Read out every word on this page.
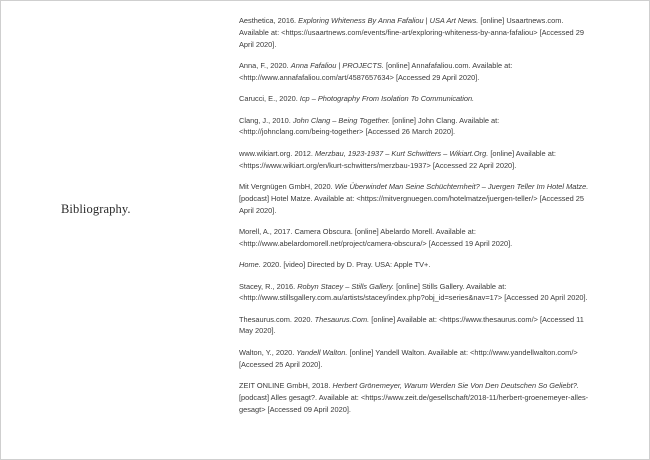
Bibliography.
Aesthetica, 2016. Exploring Whiteness By Anna Fafaliou | USA Art News. [online] Usaartnews.com. Available at: <https://usaartnews.com/events/fine-art/exploring-whiteness-by-anna-fafaliou> [Accessed 29 April 2020].
Anna, F., 2020. Anna Fafaliou | PROJECTS. [online] Annafafaliou.com. Available at: <http://www.annafafaliou.com/art/4587657634> [Accessed 29 April 2020].
Carucci, E., 2020. Icp – Photography From Isolation To Communication.
Clang, J., 2010. John Clang – Being Together. [online] John Clang. Available at: <http://johnclang.com/being-together> [Accessed 26 March 2020].
www.wikiart.org. 2012. Merzbau, 1923-1937 – Kurt Schwitters – Wikiart.Org. [online] Available at: <https://www.wikiart.org/en/kurt-schwitters/merzbau-1937> [Accessed 22 April 2020].
Mit Vergnügen GmbH, 2020. Wie Überwindet Man Seine Schüchternheit? – Juergen Teller Im Hotel Matze. [podcast] Hotel Matze. Available at: <https://mitvergnuegen.com/hotelmatze/juergen-teller/> [Accessed 25 April 2020].
Morell, A., 2017. Camera Obscura. [online] Abelardo Morell. Available at: <http://www.abelardomorell.net/project/camera-obscura/> [Accessed 19 April 2020].
Home. 2020. [video] Directed by D. Pray. USA: Apple TV+.
Stacey, R., 2016. Robyn Stacey – Stills Gallery. [online] Stills Gallery. Available at: <http://www.stillsgallery.com.au/artists/stacey/index.php?obj_id=series&nav=17> [Accessed 20 April 2020].
Thesaurus.com. 2020. Thesaurus.Com. [online] Available at: <https://www.thesaurus.com/> [Accessed 11 May 2020].
Walton, Y., 2020. Yandell Walton. [online] Yandell Walton. Available at: <http://www.yandellwalton.com/> [Accessed 25 April 2020].
ZEIT ONLINE GmbH, 2018. Herbert Grönemeyer, Warum Werden Sie Von Den Deutschen So Geliebt?. [podcast] Alles gesagt?. Available at: <https://www.zeit.de/gesellschaft/2018-11/herbert-groenemeyer-alles-gesagt> [Accessed 09 April 2020].
